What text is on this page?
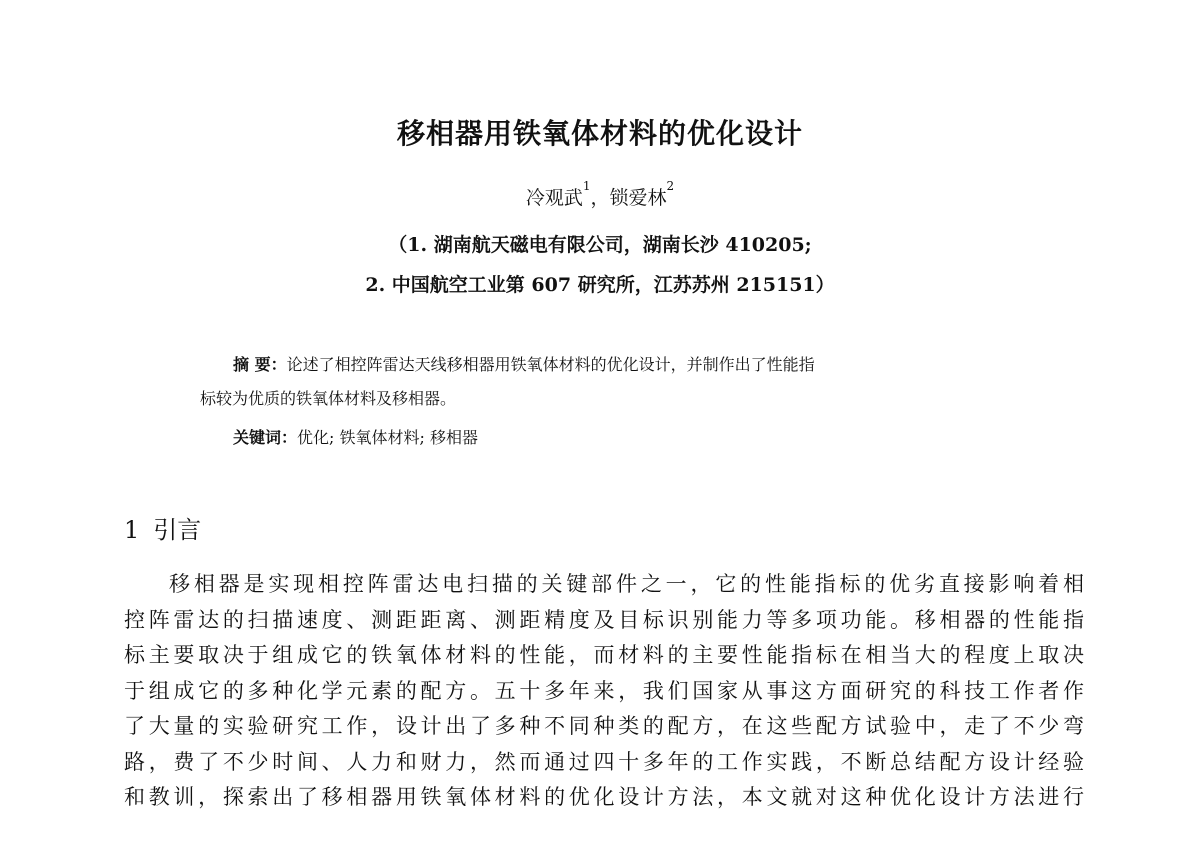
移相器用铁氧体材料的优化设计
冷观武$^1$，锁爱林$^2$
（1. 湖南航天磁电有限公司，湖南长沙 410205;
2. 中国航空工业第 607 研究所，江苏苏州 215151）
摘 要：论述了相控阵雷达天线移相器用铁氧体材料的优化设计，并制作出了性能指
标较为优质的铁氧体材料及移相器。
关键词：优化; 铁氧体材料; 移相器
1 引言
移相器是实现相控阵雷达电扫描的关键部件之一，它的性能指标的优劣直接影响着相
控阵雷达的扫描速度、测距距离、测距精度及目标识别能力等多项功能。移相器的性能指
标主要取决于组成它的铁氧体材料的性能，而材料的主要性能指标在相当大的程度上取决
于组成它的多种化学元素的配方。五十多年来，我们国家从事这方面研究的科技工作者作
了大量的实验研究工作，设计出了多种不同种类的配方，在这些配方试验中，走了不少弯
路，费了不少时间、人力和财力，然而通过四十多年的工作实践，不断总结配方设计经验
和教训，探索出了移相器用铁氧体材料的优化设计方法，本文就对这种优化设计方法进行
